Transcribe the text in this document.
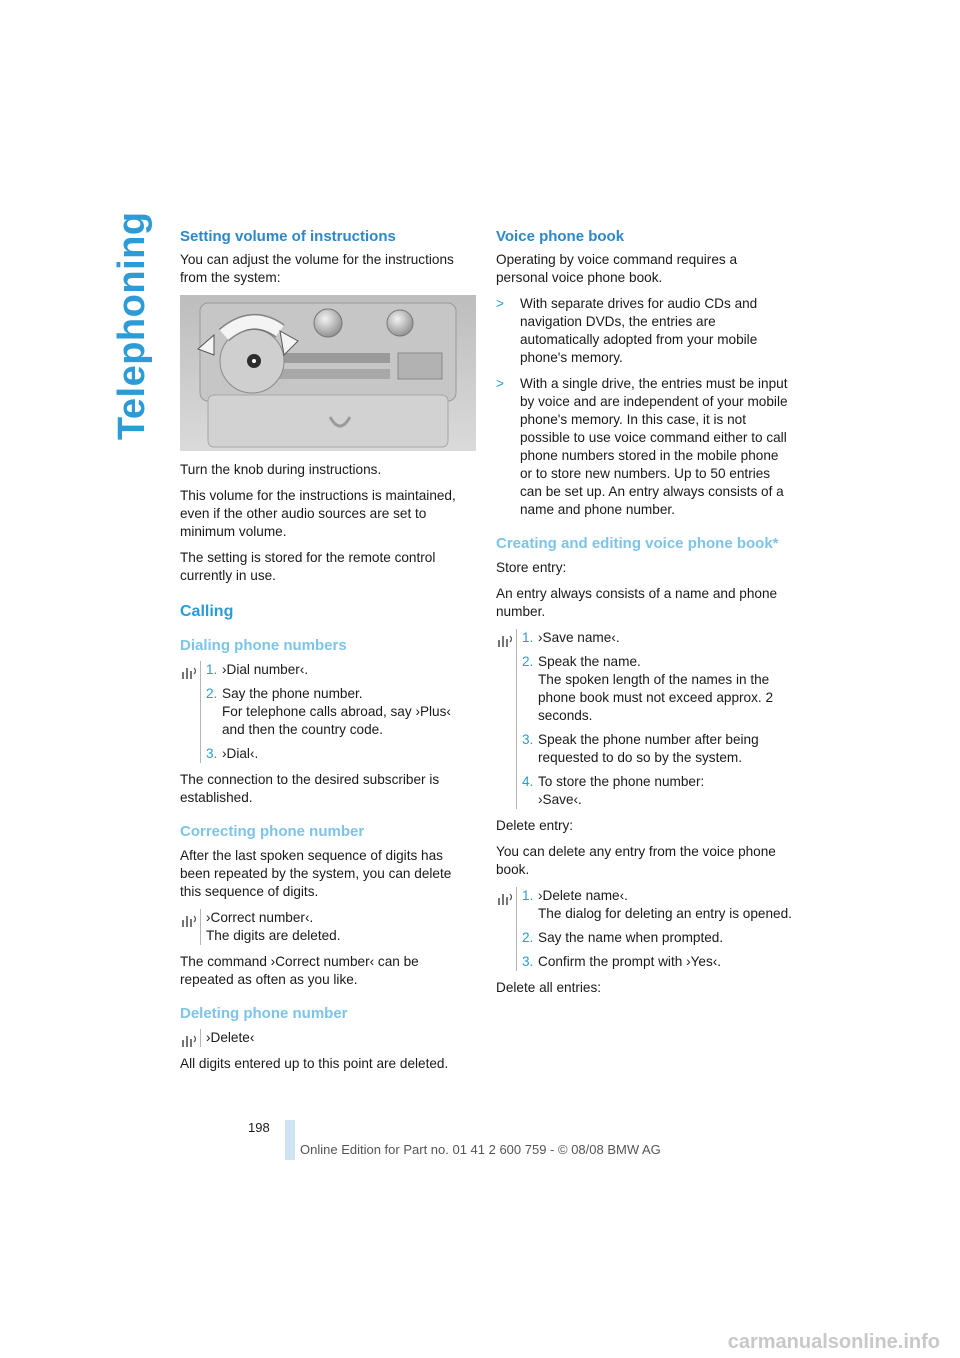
Telephoning Setting volume of instructions

You can adjust the volume for the instructions from the system:

Turn the knob during instructions.

This volume for the instructions is maintained, even if the other audio sources are set to minimum volume.

The setting is stored for the remote control currently in use.

Calling
Dialing phone numbers
1. ›Dial number‹.
2. Say the phone number.
For telephone calls abroad, say ›Plus‹
and then the country code.
3. ›Dial‹.

The connection to the desired subscriber is established.

Correcting phone number

After the last spoken sequence of digits has been repeated by the system, you can delete this sequence of digits.

›Correct number‹.
The digits are deleted.

The command ›Correct number‹ can be repeated as often as you like.

Deleting phone number
›Delete‹

All digits entered up to this point are deleted.

Voice phone book

Operating by voice command requires a personal voice phone book.

>	With separate drives for audio CDs and navigation DVDs, the entries are automatically adopted from your mobile phone's memory.
>	With a single drive, the entries must be input by voice and are independent of your mobile phone's memory. In this case, it is not possible to use voice command either to call phone numbers stored in the mobile phone or to store new numbers. Up to 50 entries can be set up. An entry always consists of a name and phone number.
Creating and editing voice phone book*

Store entry:

An entry always consists of a name and phone number.

1. ›Save name‹.
2. Speak the name.
The spoken length of the names in the phone book must not exceed approx. 2 seconds.
3. Speak the phone number after being requested to do so by the system.
4. To store the phone number:
›Save‹.

Delete entry:

You can delete any entry from the voice phone book.

1. ›Delete name‹.
The dialog for deleting an entry is opened.
2. Say the name when prompted.
3. Confirm the prompt with ›Yes‹.

Delete all entries:

198
Online Edition for Part no. 01 41 2 600 759 - © 08/08 BMW AG
carmanualsonline.info
